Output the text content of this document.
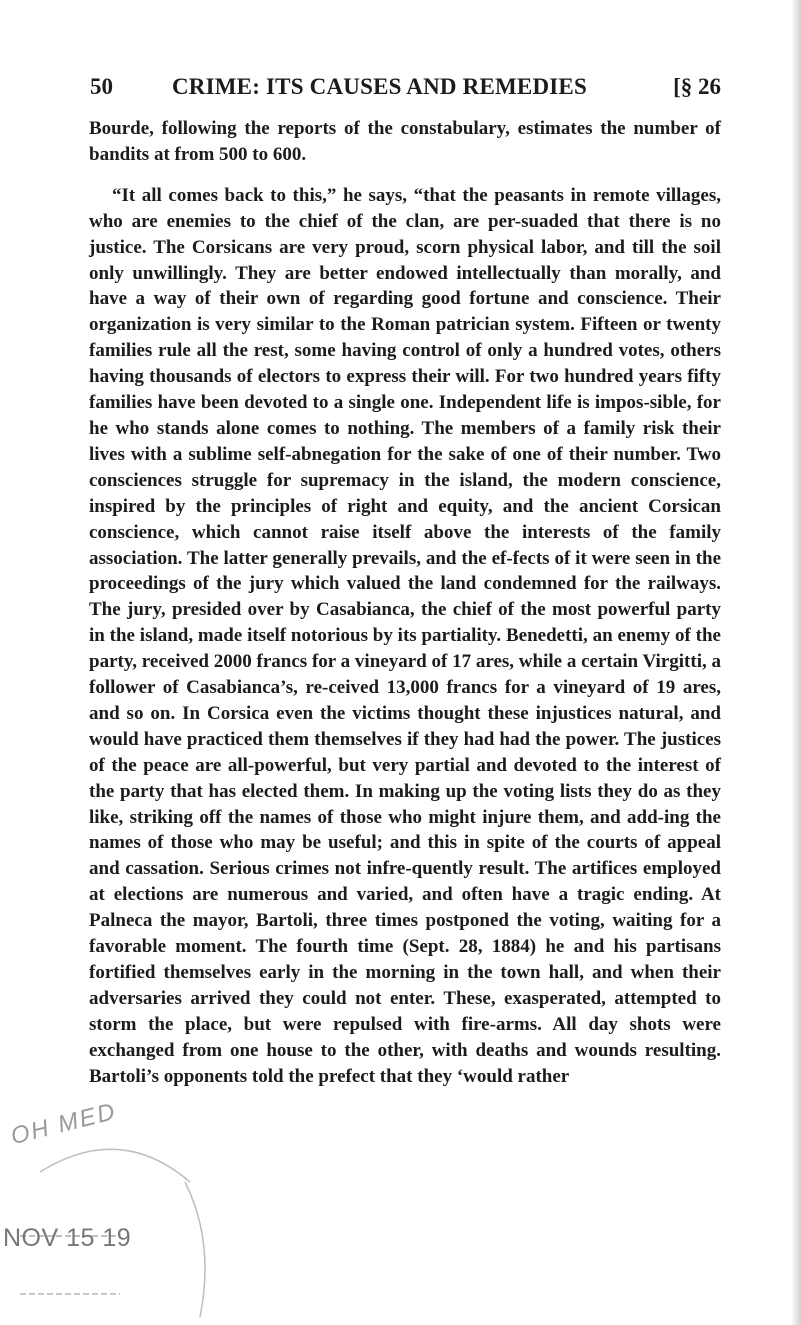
50	CRIME: ITS CAUSES AND REMEDIES	[§ 26

Bourde, following the reports of the constabulary, estimates the number of bandits at from 500 to 600.

“It all comes back to this,” he says, “that the peasants in remote villages, who are enemies to the chief of the clan, are per-suaded that there is no justice. The Corsicans are very proud, scorn physical labor, and till the soil only unwillingly. They are better endowed intellectually than morally, and have a way of their own of regarding good fortune and conscience. Their organization is very similar to the Roman patrician system. Fifteen or twenty families rule all the rest, some having control of only a hundred votes, others having thousands of electors to express their will. For two hundred years fifty families have been devoted to a single one. Independent life is impos-sible, for he who stands alone comes to nothing. The members of a family risk their lives with a sublime self-abnegation for the sake of one of their number. Two consciences struggle for supremacy in the island, the modern conscience, inspired by the principles of right and equity, and the ancient Corsican conscience, which cannot raise itself above the interests of the family association. The latter generally prevails, and the ef-fects of it were seen in the proceedings of the jury which valued the land condemned for the railways. The jury, presided over by Casabianca, the chief of the most powerful party in the island, made itself notorious by its partiality. Benedetti, an enemy of the party, received 2000 francs for a vineyard of 17 ares, while a certain Virgitti, a follower of Casabianca’s, re-ceived 13,000 francs for a vineyard of 19 ares, and so on. In Corsica even the victims thought these injustices natural, and would have practiced them themselves if they had had the power. The justices of the peace are all-powerful, but very partial and devoted to the interest of the party that has elected them. In making up the voting lists they do as they like, striking off the names of those who might injure them, and add-ing the names of those who may be useful; and this in spite of the courts of appeal and cassation. Serious crimes not infre-quently result. The artifices employed at elections are numerous and varied, and often have a tragic ending. At Palneca the mayor, Bartoli, three times postponed the voting, waiting for a favorable moment. The fourth time (Sept. 28, 1884) he and his partisans fortified themselves early in the morning in the town hall, and when their adversaries arrived they could not enter. These, exasperated, attempted to storm the place, but were repulsed with fire-arms. All day shots were exchanged from one house to the other, with deaths and wounds resulting. Bartoli’s opponents told the prefect that they ‘would rather

OH MED
NOV 15 19
